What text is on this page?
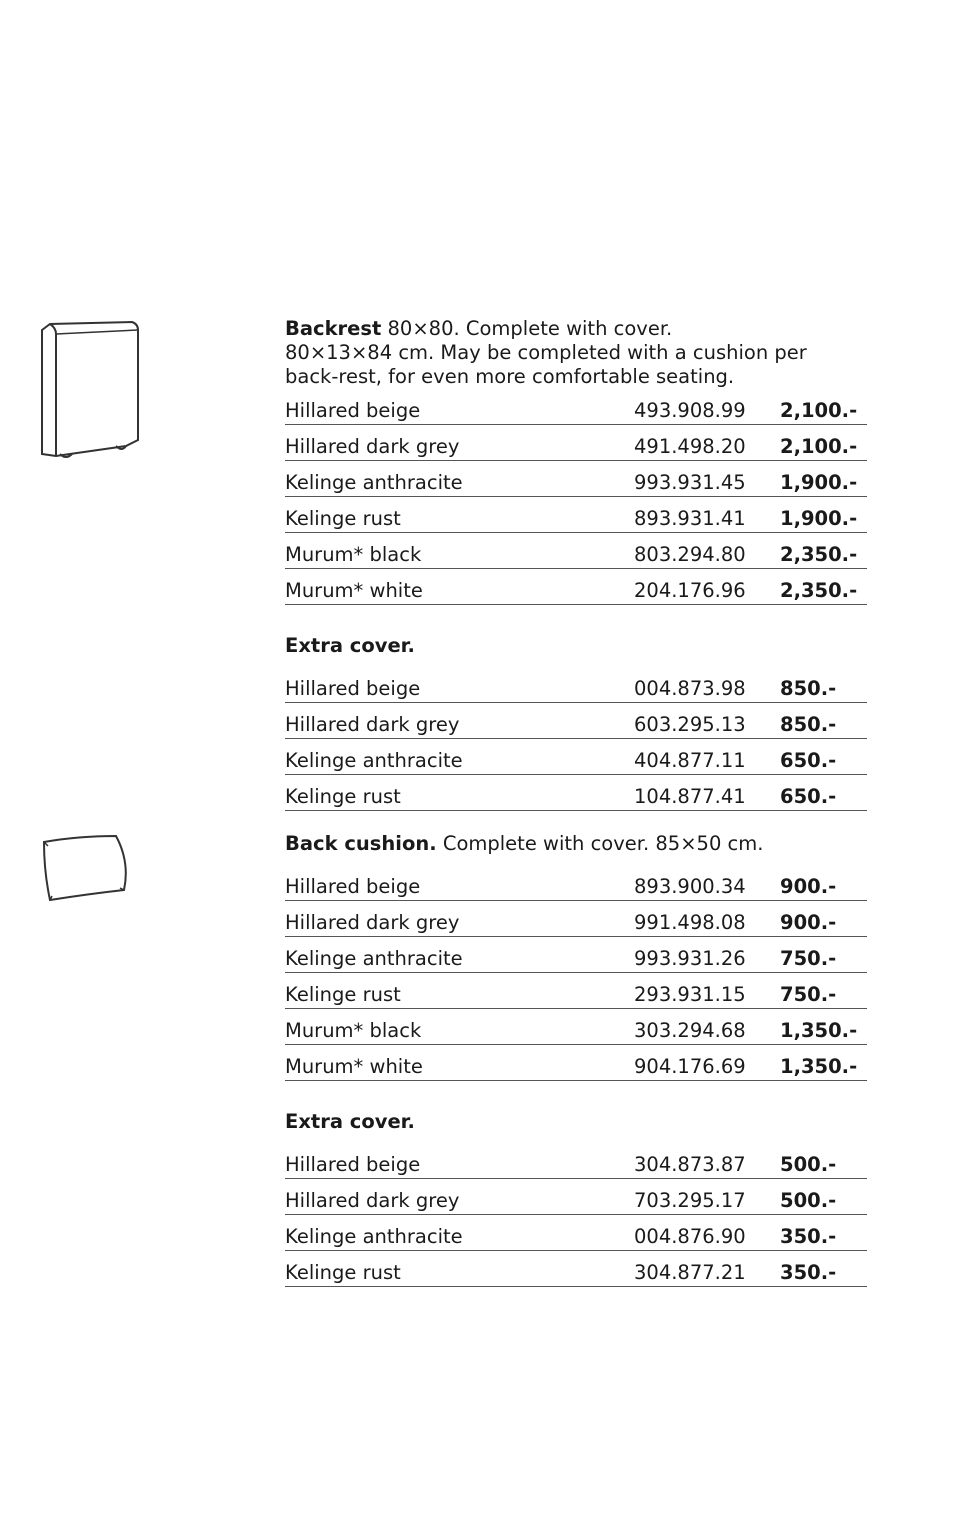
Backrest 80×80. Complete with cover.

80×13×84 cm. May be completed with a cushion per back-rest, for even more comfortable seating.

Hillared beige	493.908.99	2,100.-
Hillared dark grey	491.498.20	2,100.-
Kelinge anthracite	993.931.45	1,900.-
Kelinge rust	893.931.41	1,900.-
Murum* black	803.294.80	2,350.-
Murum* white	204.176.96	2,350.-

Extra cover.

Hillared beige	004.873.98	850.-
Hillared dark grey	603.295.13	850.-
Kelinge anthracite	404.877.11	650.-
Kelinge rust	104.877.41	650.-

Back cushion. Complete with cover. 85×50 cm.

Hillared beige	893.900.34	900.-
Hillared dark grey	991.498.08	900.-
Kelinge anthracite	993.931.26	750.-
Kelinge rust	293.931.15	750.-
Murum* black	303.294.68	1,350.-
Murum* white	904.176.69	1,350.-

Extra cover.

Hillared beige	304.873.87	500.-
Hillared dark grey	703.295.17	500.-
Kelinge anthracite	004.876.90	350.-
Kelinge rust	304.877.21	350.-
